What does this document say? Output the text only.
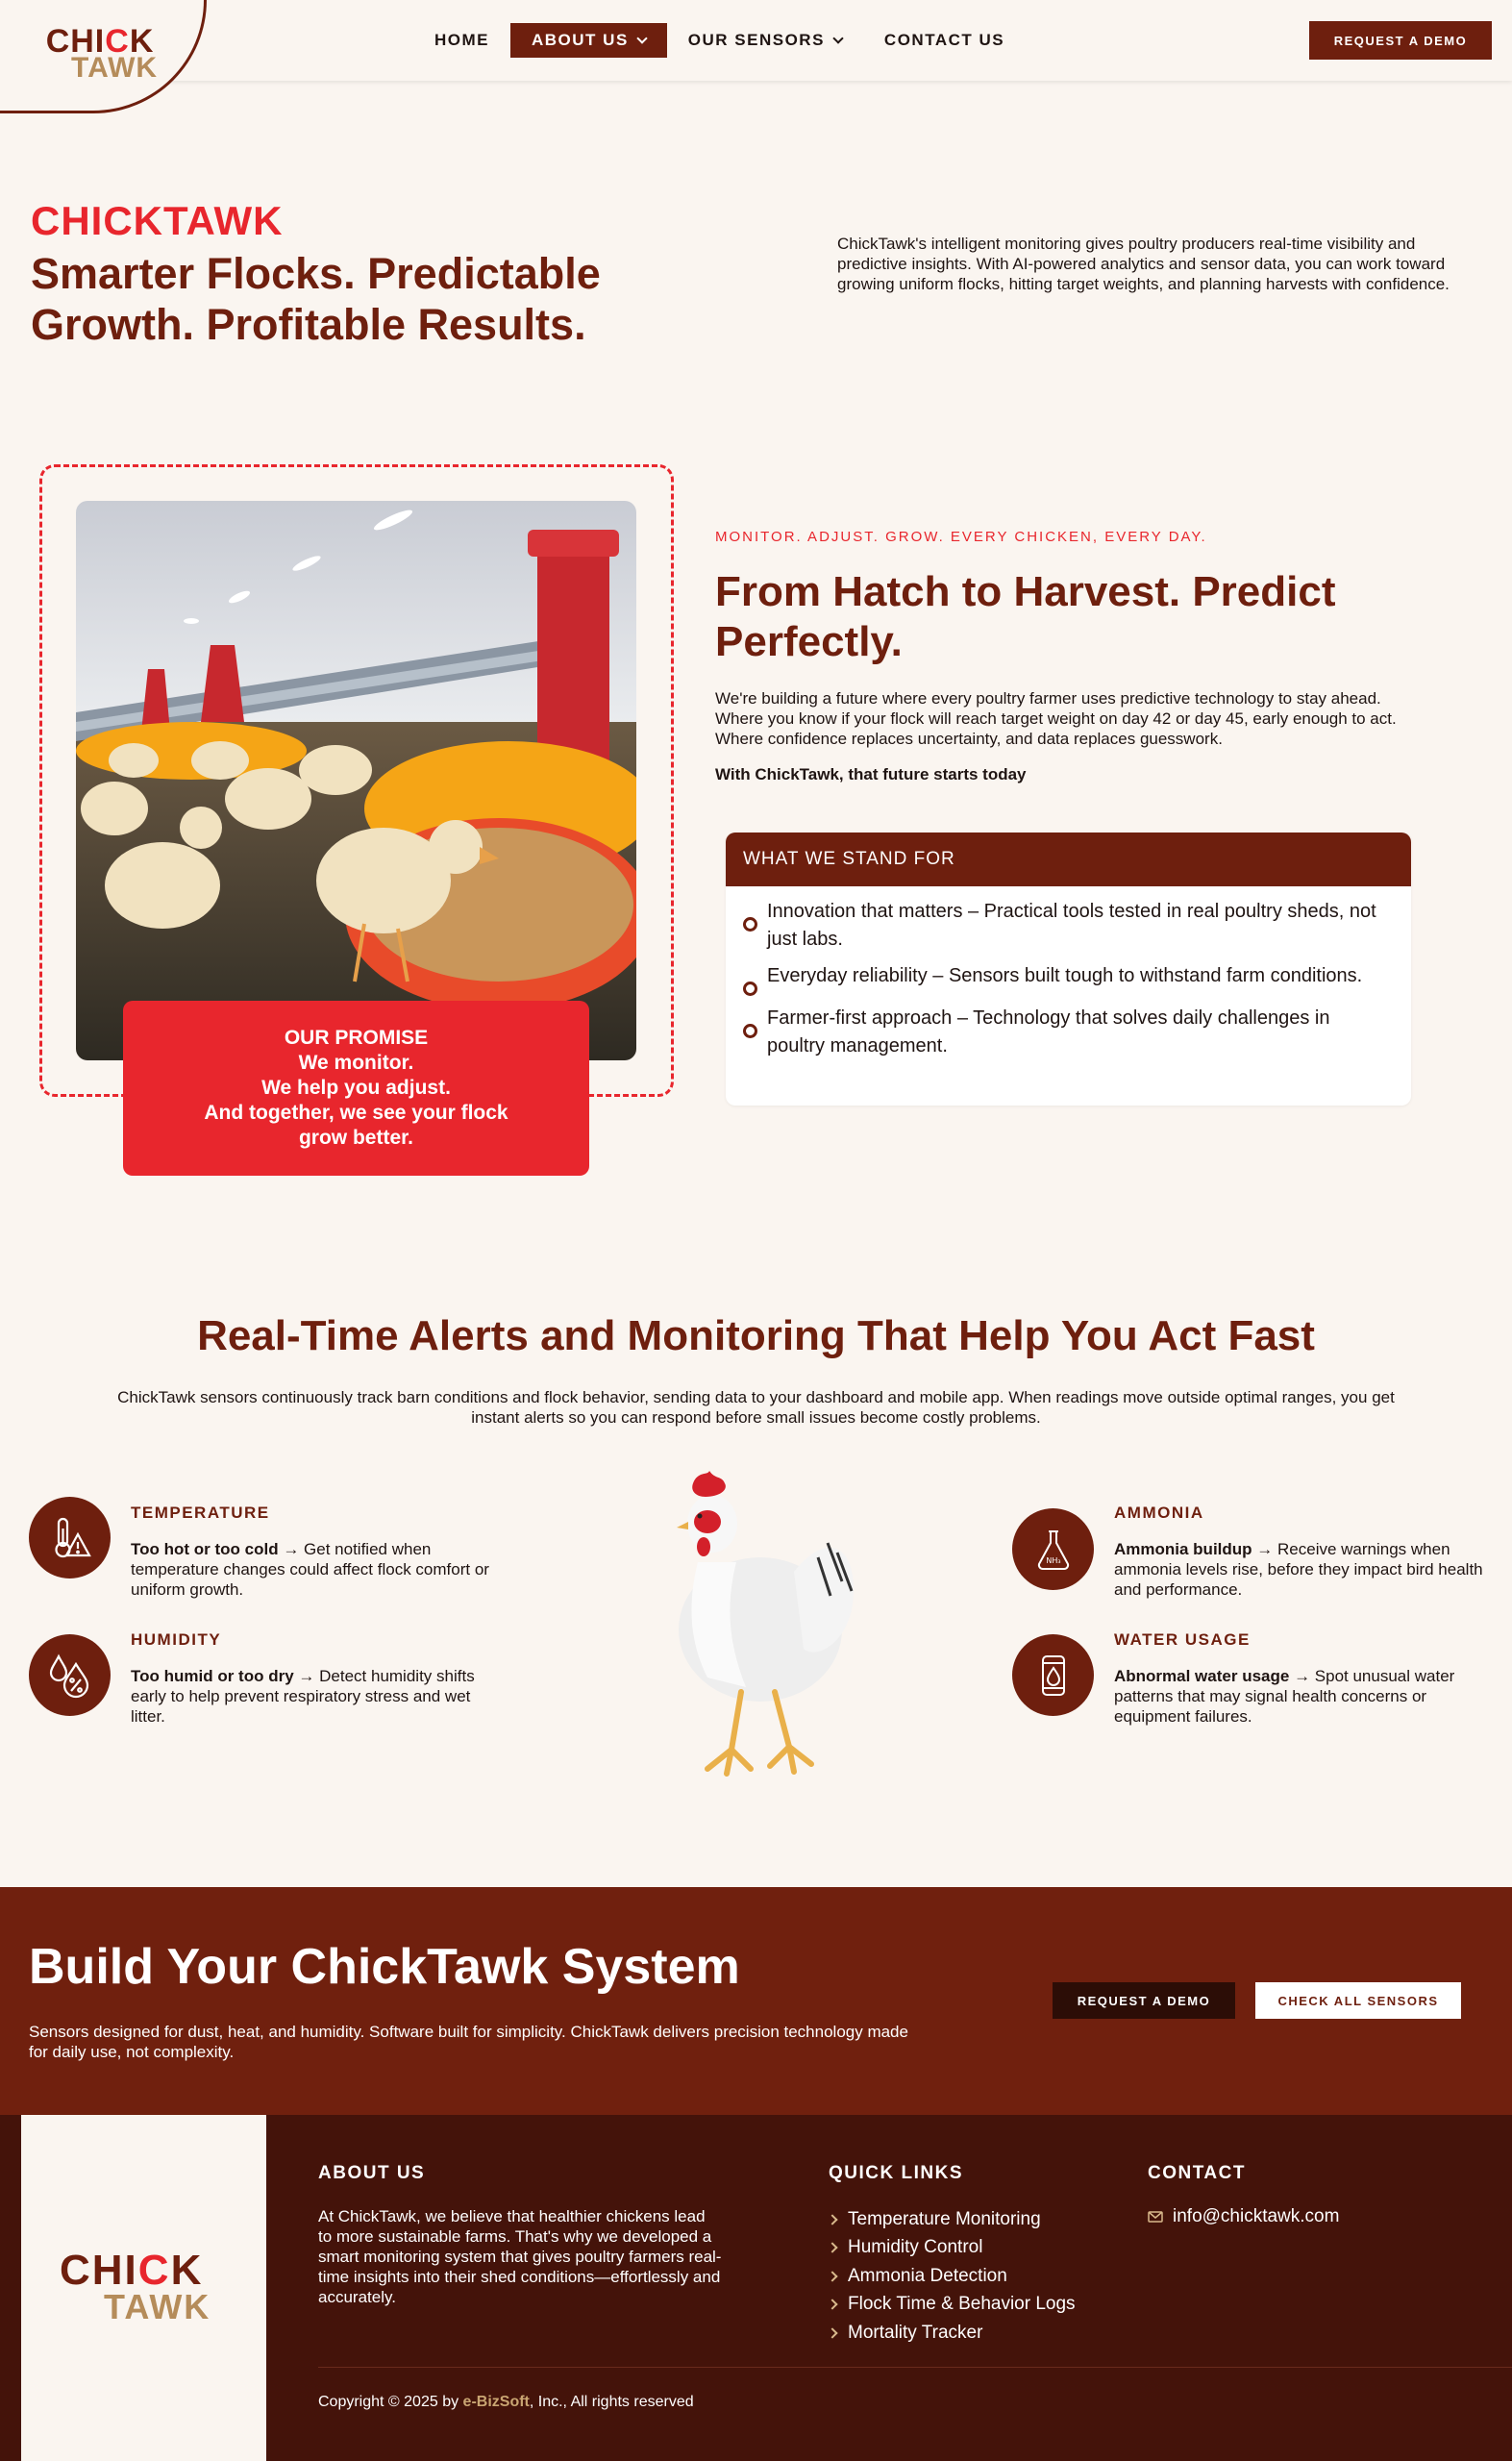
CHICK
TAWK
HOME	ABOUT US	OUR SENSORS	CONTACT US	REQUEST A DEMO
CHICKTAWK
Smarter Flocks. Predictable Growth. Profitable Results.

ChickTawk's intelligent monitoring gives poultry producers real-time visibility and predictive insights. With AI-powered analytics and sensor data, you can work toward growing uniform flocks, hitting target weights, and planning harvests with confidence.

OUR PROMISE
We monitor.
We help you adjust.
And together, we see your flock grow better.
MONITOR. ADJUST. GROW. EVERY CHICKEN, EVERY DAY.
From Hatch to Harvest. Predict Perfectly.

We're building a future where every poultry farmer uses predictive technology to stay ahead. Where you know if your flock will reach target weight on day 42 or day 45, early enough to act. Where confidence replaces uncertainty, and data replaces guesswork.

With ChickTawk, that future starts today

WHAT WE STAND FOR
Innovation that matters – Practical tools tested in real poultry sheds, not just labs.
Everyday reliability – Sensors built tough to withstand farm conditions.
Farmer-first approach – Technology that solves daily challenges in poultry management.
Real-Time Alerts and Monitoring That Help You Act Fast

ChickTawk sensors continuously track barn conditions and flock behavior, sending data to your dashboard and mobile app. When readings move outside optimal ranges, you get instant alerts so you can respond before small issues become costly problems.

TEMPERATURE
Too hot or too cold → Get notified when temperature changes could affect flock comfort or uniform growth.
HUMIDITY
Too humid or too dry → Detect humidity shifts early to help prevent respiratory stress and wet litter.
NH₃
AMMONIA
Ammonia buildup → Receive warnings when ammonia levels rise, before they impact bird health and performance.
WATER USAGE
Abnormal water usage → Spot unusual water patterns that may signal health concerns or equipment failures.
Build Your ChickTawk System

Sensors designed for dust, heat, and humidity. Software built for simplicity. ChickTawk delivers precision technology made for daily use, not complexity.

REQUEST A DEMO	CHECK ALL SENSORS
CHICK
TAWK
ABOUT US

At ChickTawk, we believe that healthier chickens lead to more sustainable farms. That's why we developed a smart monitoring system that gives poultry farmers real-time insights into their shed conditions—effortlessly and accurately.

QUICK LINKS
Temperature Monitoring
Humidity Control
Ammonia Detection
Flock Time & Behavior Logs
Mortality Tracker
CONTACT
info@chicktawk.com
Copyright © 2025 by e-BizSoft, Inc., All rights reserved
